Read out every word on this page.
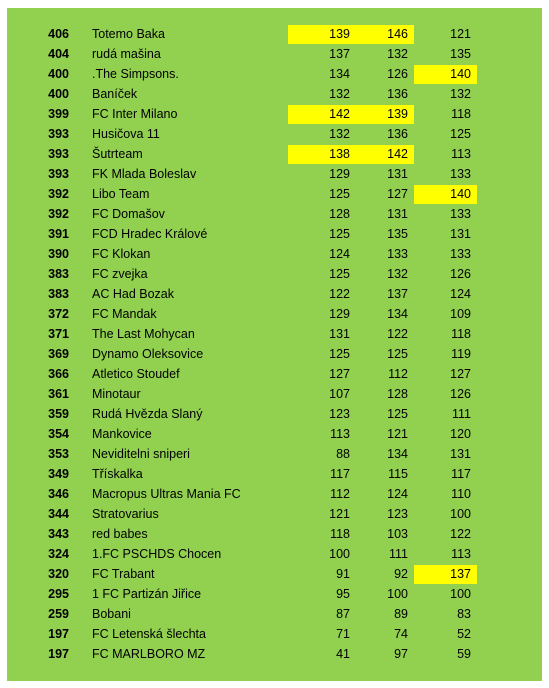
406 Totemo Baka	139	146	121
404 rudá mašina	137	132	135
400 .The Simpsons.	134	126	140
400 Baníček	132	136	132
399 FC Inter Milano	142	139	118
393 Husičova 11	132	136	125
393 Šutrteam	138	142	113
393 FK Mlada Boleslav	129	131	133
392 Libo Team	125	127	140
392 FC Domašov	128	131	133
391 FCD Hradec Králové	125	135	131
390 FC Klokan	124	133	133
383 FC zvejka	125	132	126
383 AC Had Bozak	122	137	124
372 FC Mandak	129	134	109
371 The Last Mohycan	131	122	118
369 Dynamo Oleksovice	125	125	119
366 Atletico Stoudef	127	112	127
361 Minotaur	107	128	126
359 Rudá Hvězda Slaný	123	125	111
354 Mankovice	113	121	120
353 Neviditelni sniperi	88	134	131
349 Třískalka	117	115	117
346 Macropus Ultras Mania FC	112	124	110
344 Stratovarius	121	123	100
343 red babes	118	103	122
324 1.FC PSCHDS Chocen	100	111	113
320 FC Trabant	91	92	137
295 1 FC Partizán Jiřice	95	100	100
259 Bobani	87	89	83
197 FC Letenská šlechta	71	74	52
197 FC MARLBORO MZ	41	97	59
